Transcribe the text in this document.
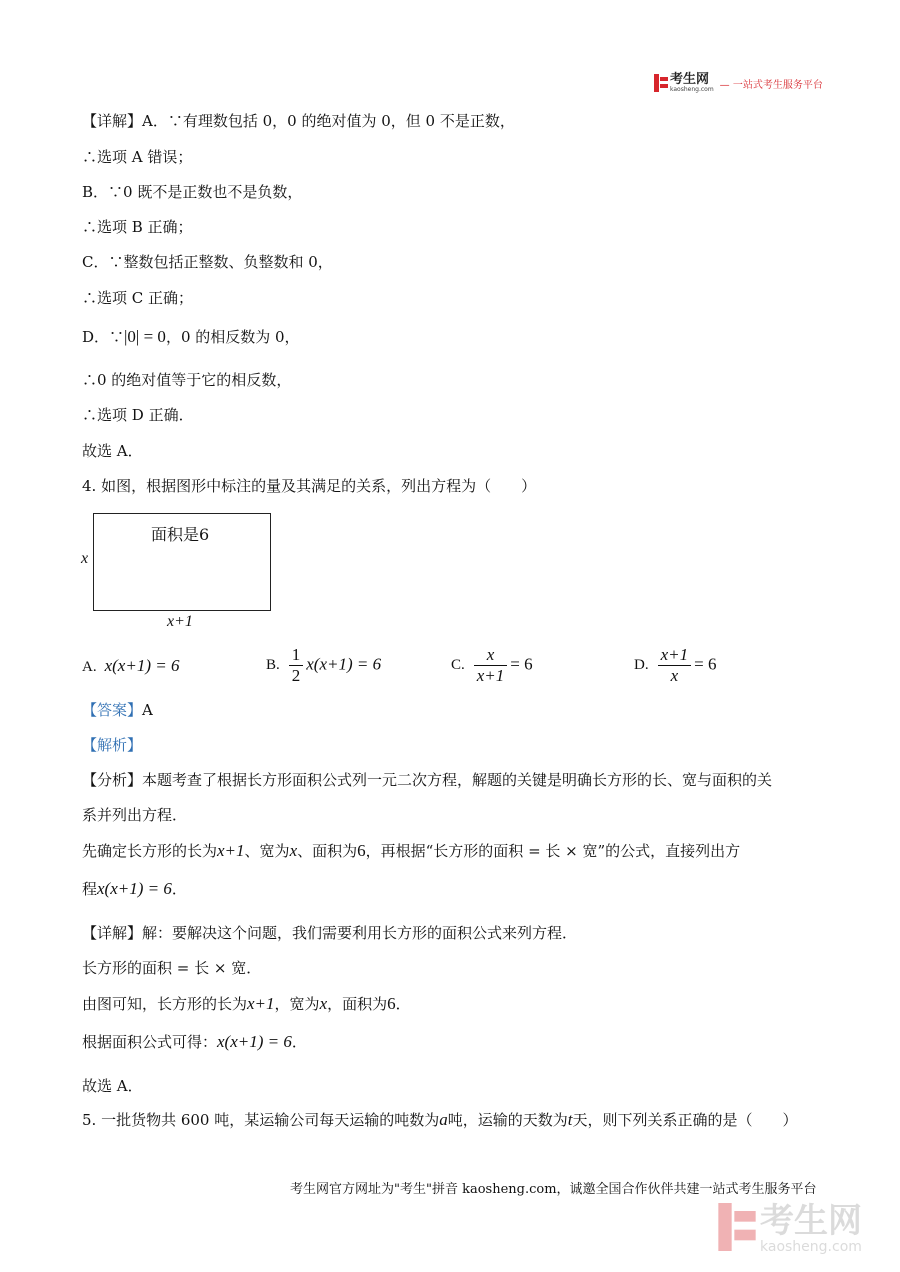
考生网
kaosheng.com — 一站式考生服务平台
【详解】A．∵有理数包括 0，0 的绝对值为 0，但 0 不是正数，
∴选项 A 错误；
B．∵0 既不是正数也不是负数，
∴选项 B 正确；
C．∵整数包括正整数、负整数和 0，
∴选项 C 正确；
D．∵|0| = 0，0 的相反数为 0，
∴0 的绝对值等于它的相反数，
∴选项 D 正确．
故选 A．
4. 如图，根据图形中标注的量及其满足的关系，列出方程为（　　）
面积是6
x
x+1
A. x(x+1) = 6	B. $\frac{1}{2} x(x+1) = 6$	C. $\frac{x}{x+1} = 6$	D. $\frac{x+1}{x} = 6$
【答案】A
【解析】
【分析】本题考查了根据长方形面积公式列一元二次方程，解题的关键是明确长方形的长、宽与面积的关
系并列出方程．
先确定长方形的长为x+1、宽为x、面积为6，再根据“长方形的面积 = 长 × 宽”的公式，直接列出方
程x(x+1) = 6．
【详解】解：要解决这个问题，我们需要利用长方形的面积公式来列方程．
长方形的面积 = 长 × 宽．
由图可知，长方形的长为x+1，宽为x，面积为6．
根据面积公式可得：x(x+1) = 6．
故选 A．
5. 一批货物共 600 吨，某运输公司每天运输的吨数为a吨，运输的天数为t天，则下列关系正确的是（　　）
考生网官方网址为"考生"拼音 kaosheng.com，诚邀全国合作伙伴共建一站式考生服务平台
考生网
kaosheng.com
